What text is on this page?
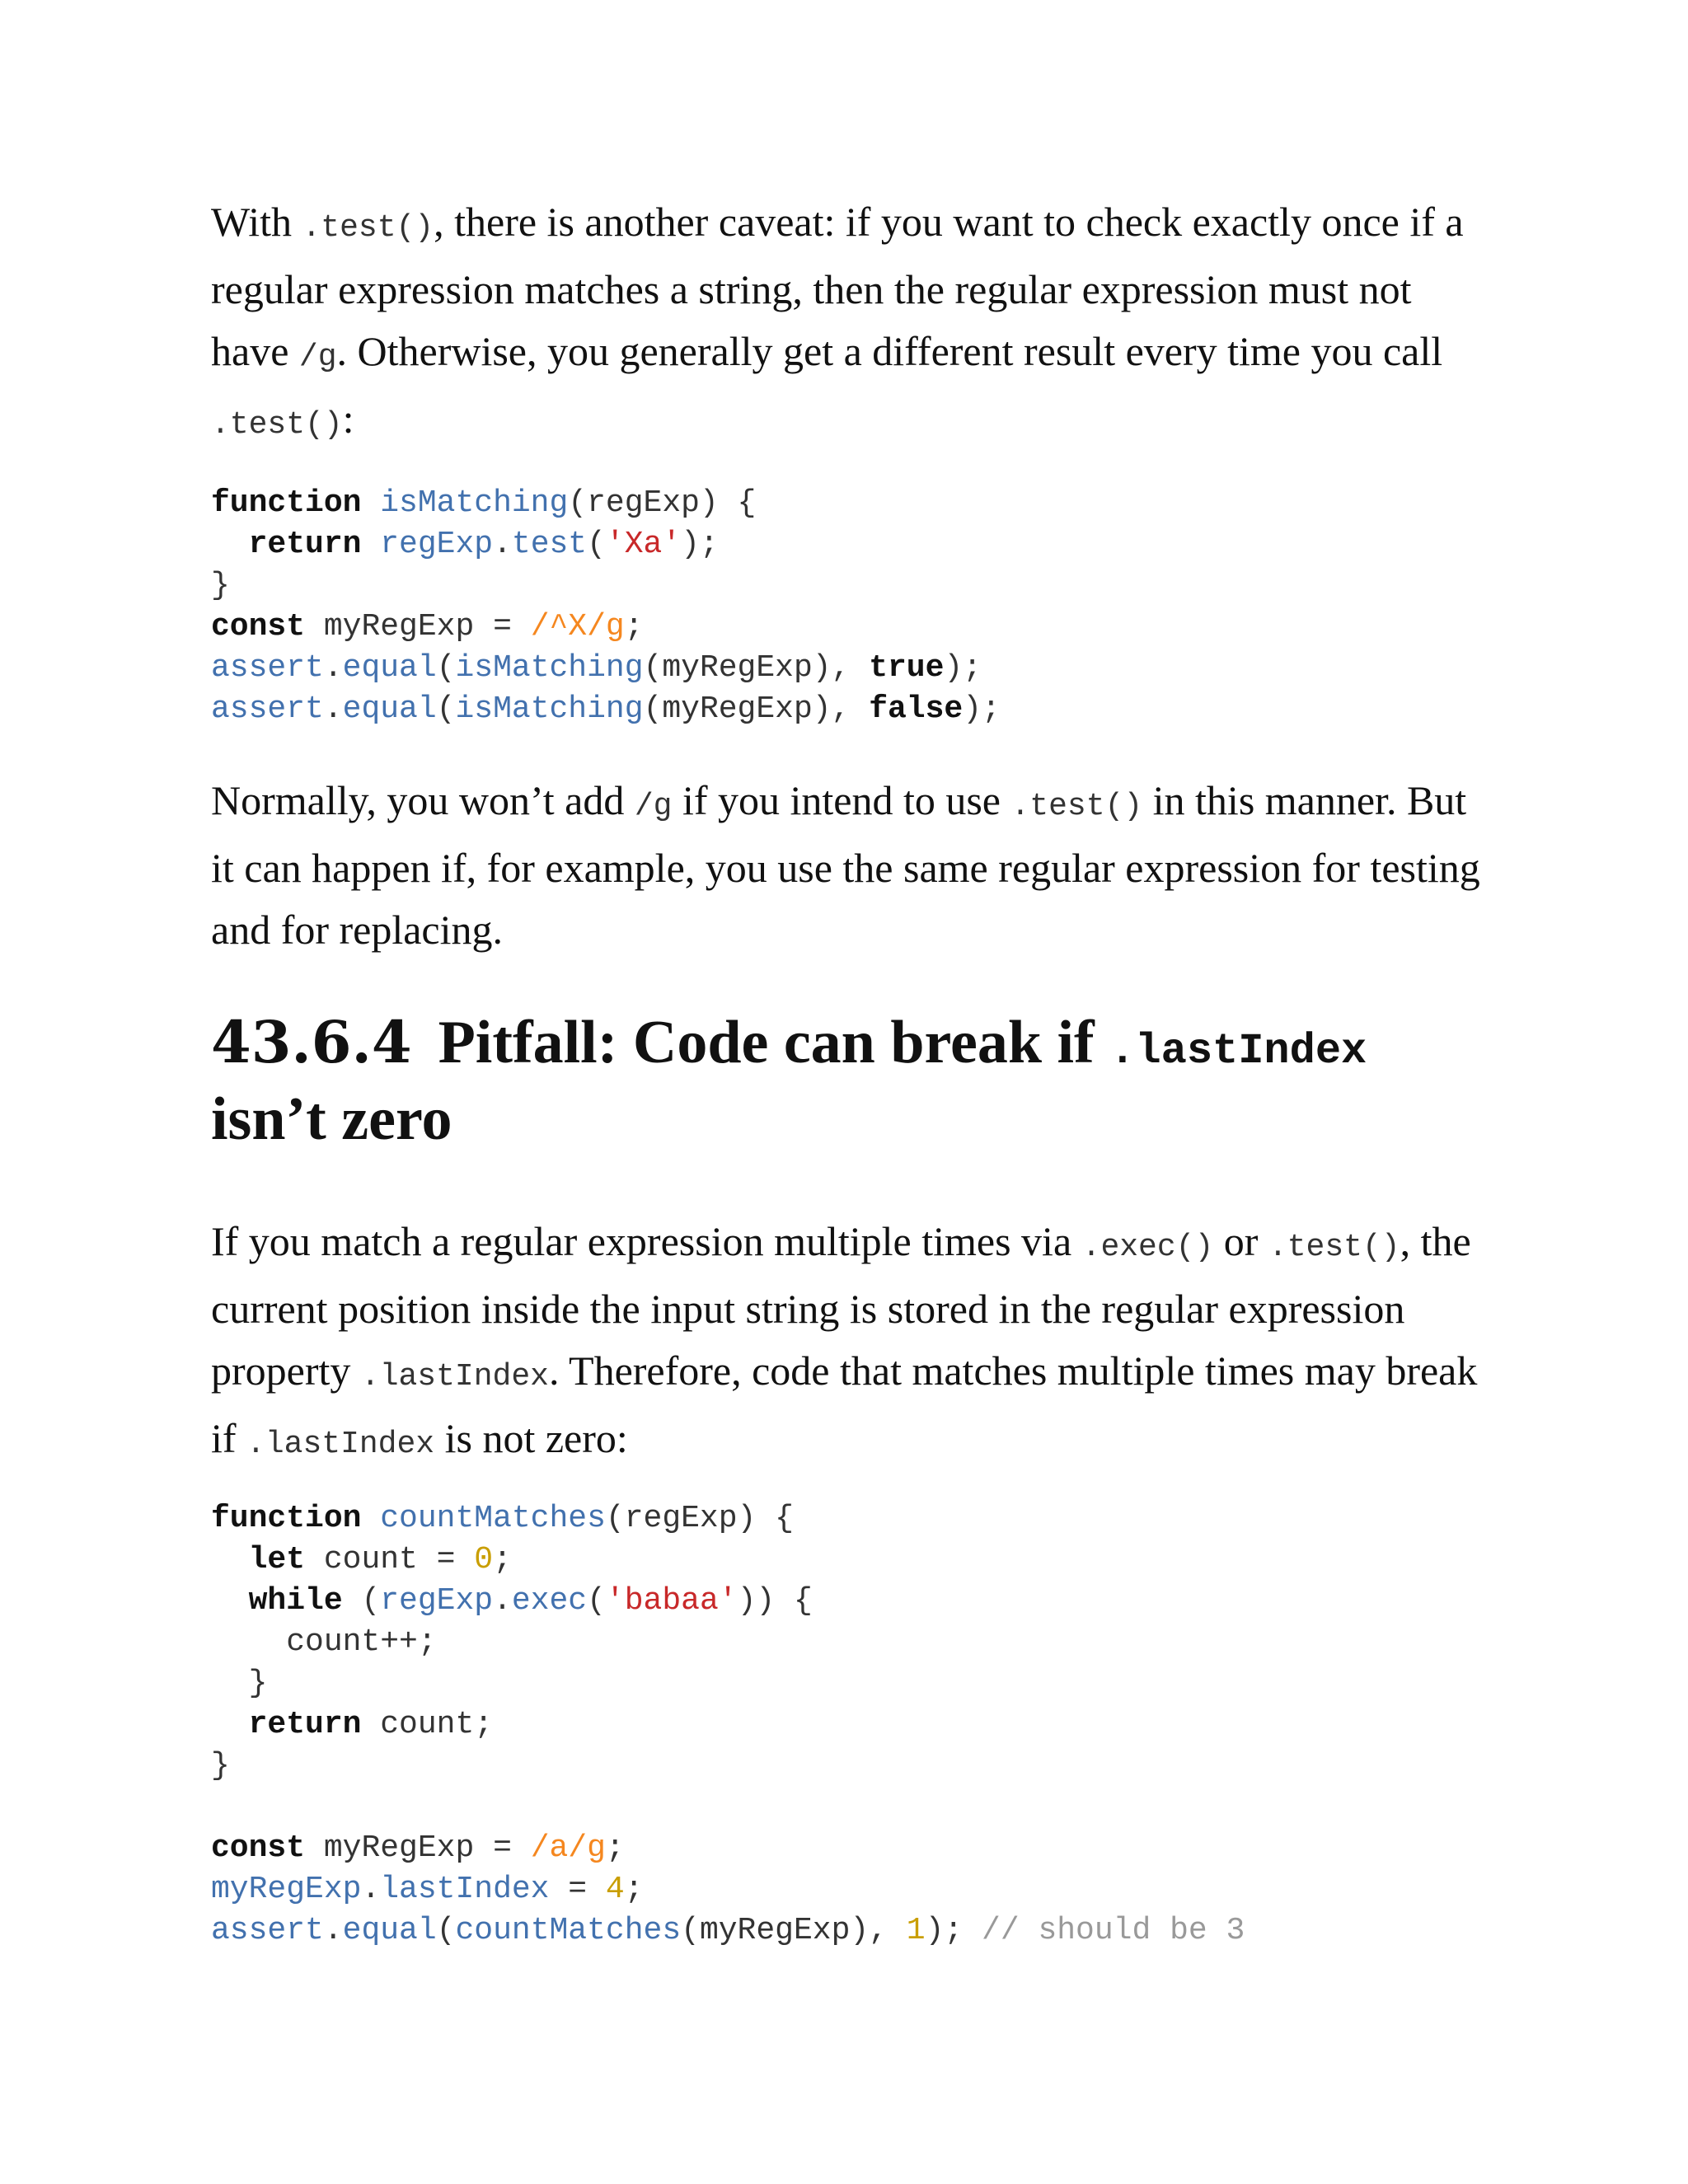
With .test(), there is another caveat: if you want to check exactly once if a regular expression matches a string, then the regular expression must not have /g. Otherwise, you generally get a different result every time you call .test():

function isMatching(regExp) {
return regExp.test('Xa');
}
const myRegExp = /^X/g;
assert.equal(isMatching(myRegExp), true);
assert.equal(isMatching(myRegExp), false);

Normally, you won’t add /g if you intend to use .test() in this manner. But it can happen if, for example, you use the same regular expression for testing and for replacing.

43.6.4 Pitfall: Code can break if .lastIndex isn’t zero

If you match a regular expression multiple times via .exec() or .test(), the current position inside the input string is stored in the regular expression property .lastIndex. Therefore, code that matches multiple times may break if .lastIndex is not zero:

function countMatches(regExp) {
let count = 0;
while (regExp.exec('babaa')) {
count++;
}
return count;
}

const myRegExp = /a/g;
myRegExp.lastIndex = 4;
assert.equal(countMatches(myRegExp), 1); // should be 3
